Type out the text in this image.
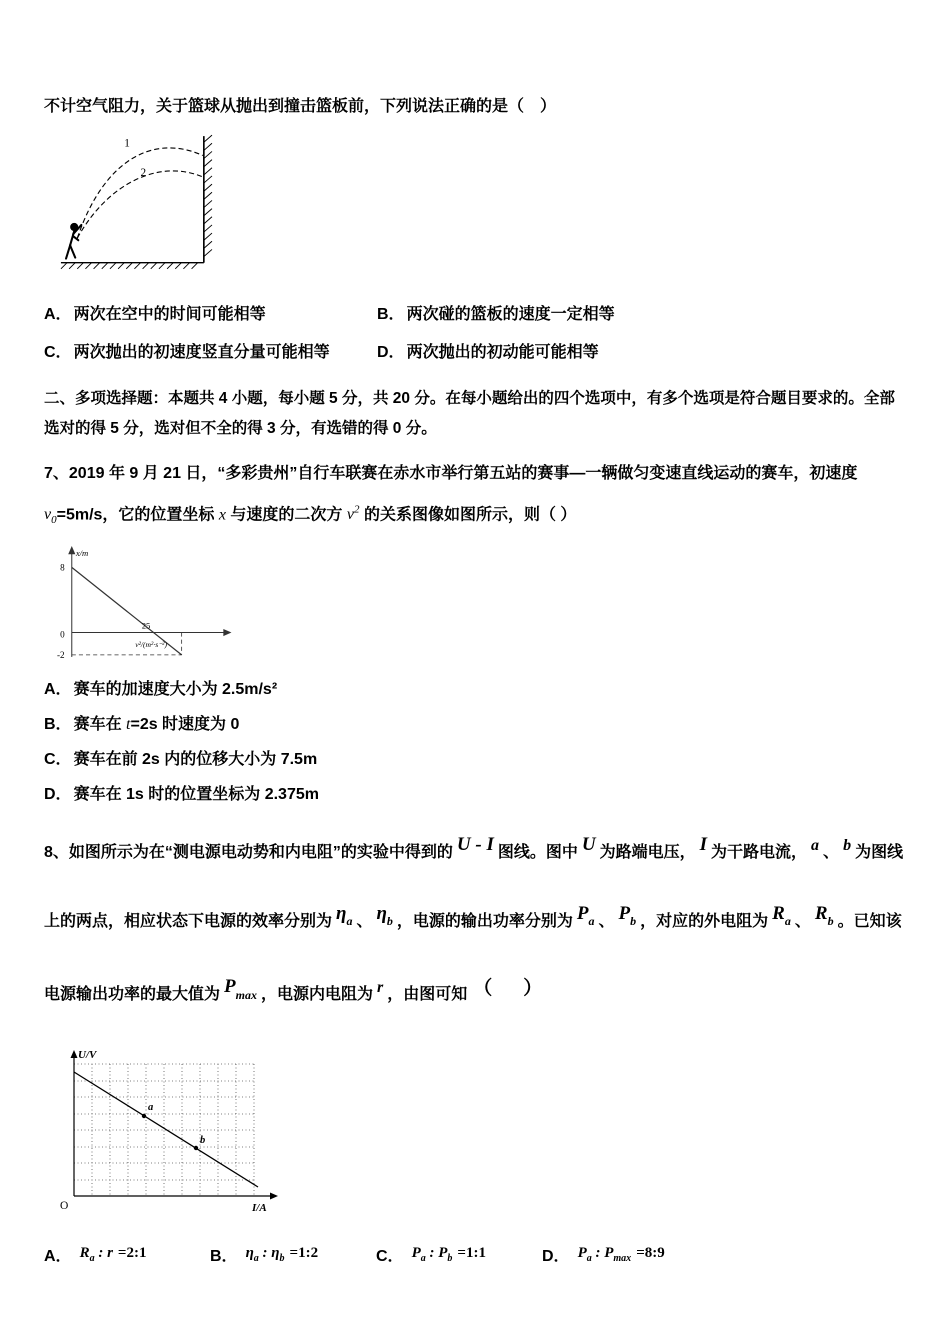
不计空气阻力，关于篮球从抛出到撞击篮板前，下列说法正确的是（　）
1
2
A． 两次在空中的时间可能相等	B． 两次碰的篮板的速度一定相等
C． 两次抛出的初速度竖直分量可能相等	D． 两次抛出的初动能可能相等
二、多项选择题：本题共 4 小题，每小题 5 分，共 20 分。在每小题给出的四个选项中，有多个选项是符合题目要求的。全部选对的得 5 分，选对但不全的得 3 分，有选错的得 0 分。
7、2019 年 9 月 21 日，“多彩贵州”自行车联赛在赤水市举行第五站的赛事—一辆做匀变速直线运动的赛车，初速度 $v_0=5m/s$，它的位置坐标 x 与速度的二次方 $v^2$ 的关系图像如图所示，则（ ）
8
0
-2
25
x/m
v²/(m²·s⁻²)
A． 赛车的加速度大小为 2.5m/s²
B． 赛车在 t=2s 时速度为 0
C． 赛车在前 2s 内的位移大小为 7.5m
D． 赛车在 1s 时的位置坐标为 2.375m
8、如图所示为在“测电源电动势和内电阻”的实验中得到的 U - I 图线。图中 U 为路端电压， I 为干路电流， a 、 b 为图线上的两点，相应状态下电源的效率分别为 $\eta_a$ 、 $\eta_b$ ，电源的输出功率分别为 $P_a$ 、 $P_b$ ，对应的外电阻为 $R_a$ 、 $R_b$ 。已知该电源输出功率的最大值为 $P_{max}$ ，电源内电阻为 r ，由图可知 （　）
a
b
U/V
I/A
O
A． $R_a$ : r =2:1	B． $\eta_a$ : $\eta_b$ =1:2	C． $P_a$ : $P_b$ =1:1	D． $P_a$ : $P_{max}$ =8:9
